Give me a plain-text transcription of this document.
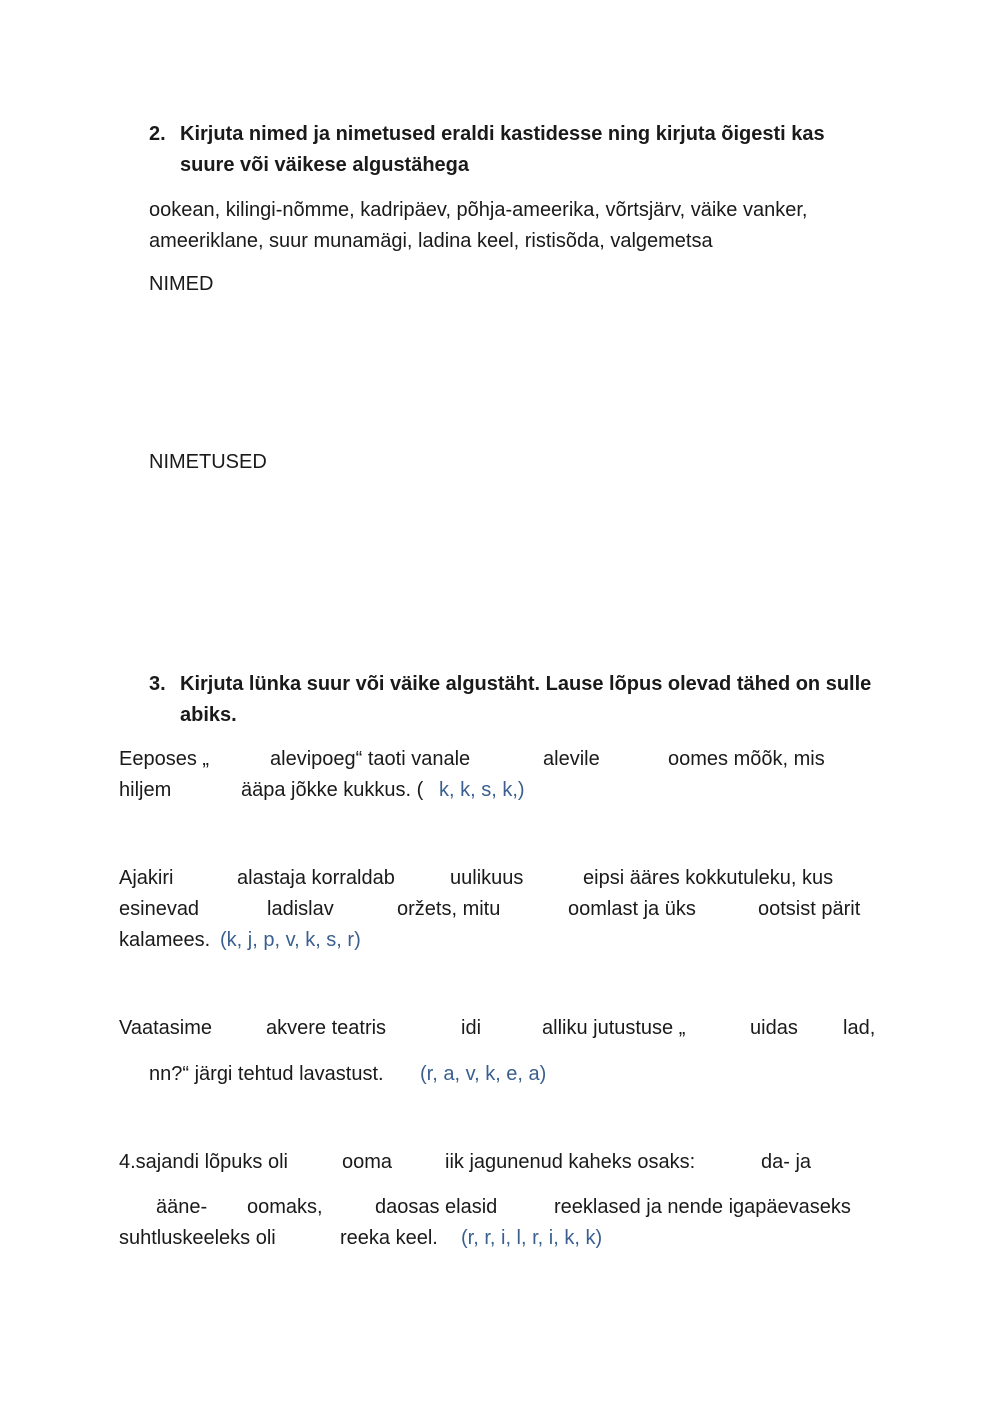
2. Kirjuta nimed ja nimetused eraldi kastidesse ning kirjuta õigesti kas
suure või väikese algustähega
ookean, kilingi-nõmme, kadripäev, põhja-ameerika, võrtsjärv, väike vanker,
ameeriklane, suur munamägi, ladina keel, ristisõda, valgemetsa
NIMED
NIMETUSED
3. Kirjuta lünka suur või väike algustäht. Lause lõpus olevad tähed on sulle
abiks.
Eeposes „	alevipoeg“ taoti vanale	alevile	oomes mõõk, mis
hiljem	ääpa jõkke kukkus. ( k, k, s, k,)
Ajakiri	alastaja korraldab	uulikuus	eipsi ääres kokkutuleku, kus
esinevad	ladislav	oržets, mitu	oomlast ja üks	ootsist pärit
kalamees. (k, j, p, v, k, s, r)
Vaatasime	akvere teatris	idi	alliku jutustuse „	uidas lad,
nn?“ järgi tehtud lavastust. (r, a, v, k, e, a)
4.sajandi lõpuks oli	ooma	iik jagunenud kaheks osaks:	da- ja
ääne- oomaks,	daosas elasid	reeklased ja nende igapäevaseks
suhtluskeeleks oli	reeka keel. (r, r, i, l, r, i, k, k)
